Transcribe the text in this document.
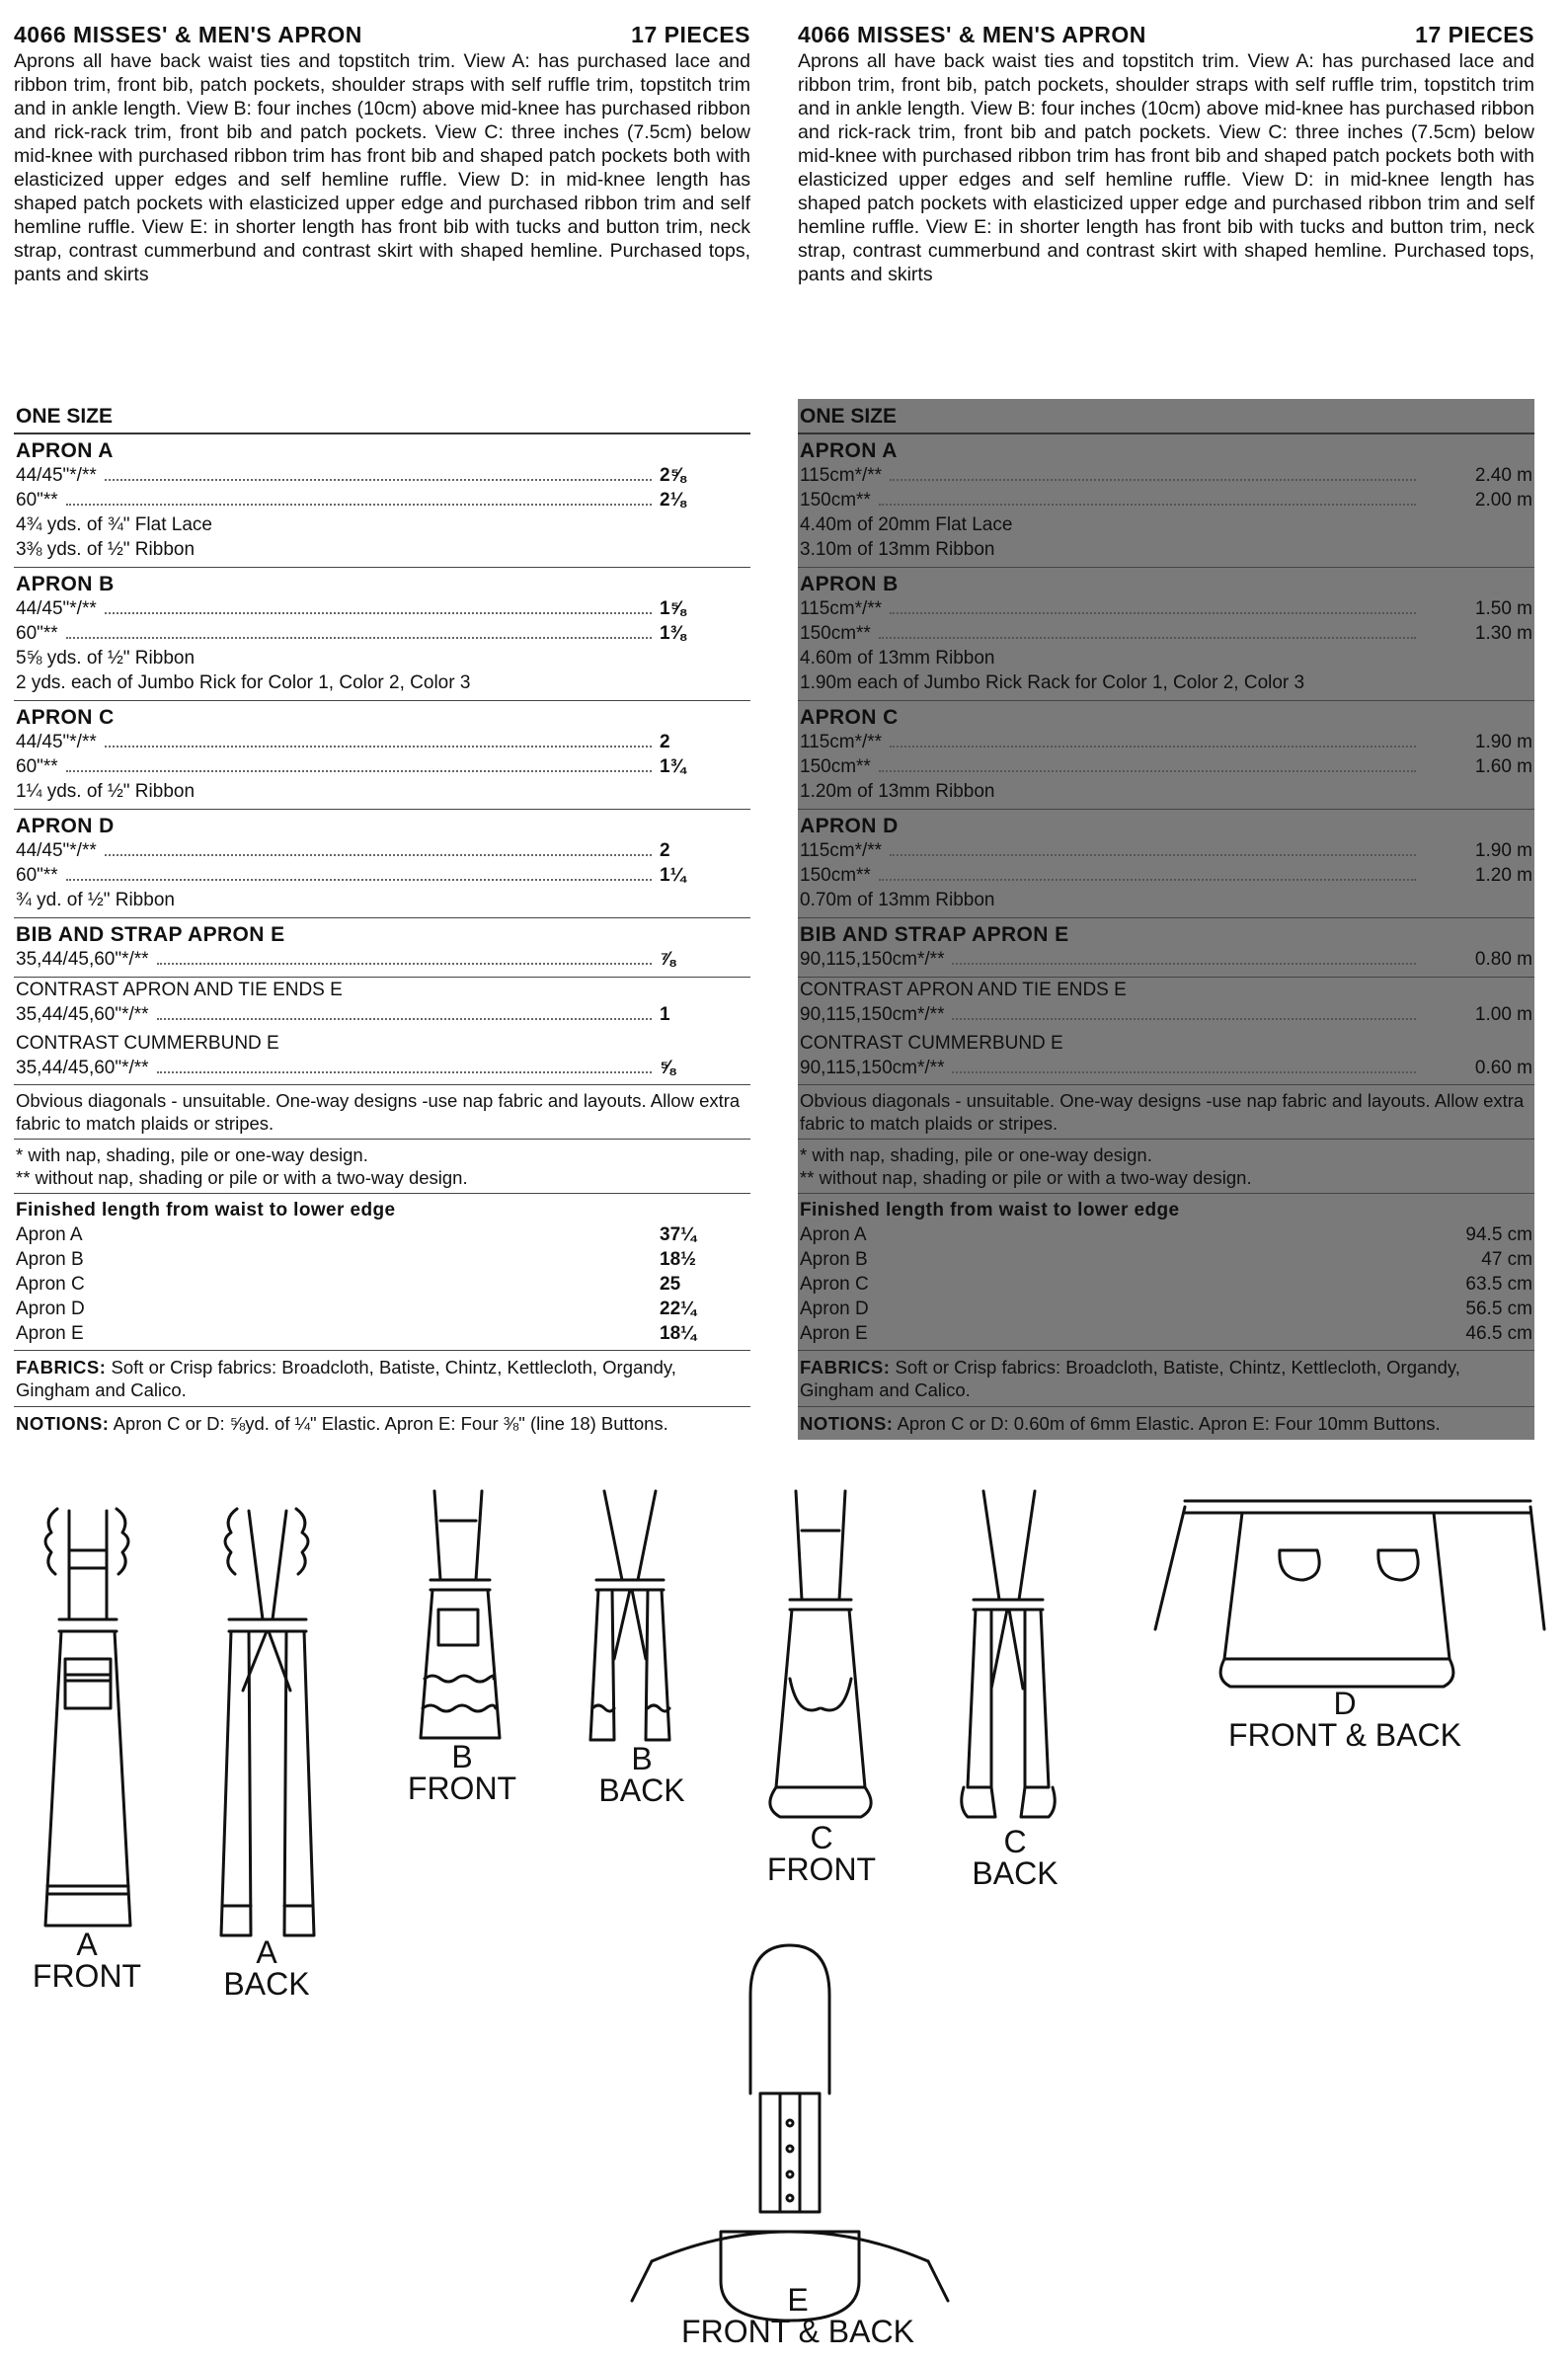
4066 MISSES' & MEN'S APRON	17 PIECES
Aprons all have back waist ties and topstitch trim. View A: has purchased lace and ribbon trim, front bib, patch pockets, shoulder straps with self ruffle trim, topstitch trim and in ankle length. View B: four inches (10cm) above mid-knee has purchased ribbon and rick-rack trim, front bib and patch pockets. View C: three inches (7.5cm) below mid-knee with purchased ribbon trim has front bib and shaped patch pockets both with elasticized upper edges and self hemline ruffle. View D: in mid-knee length has shaped patch pockets with elasticized upper edge and purchased ribbon trim and self hemline ruffle. View E: in shorter length has front bib with tucks and button trim, neck strap, contrast cummerbund and contrast skirt with shaped hemline. Purchased tops, pants and skirts
ONE SIZE
APRON A
44/45"*/**	2⅝
60"**	2⅛
4¾ yds. of ¾" Flat Lace
3⅜ yds. of ½" Ribbon
APRON B
44/45"*/**	1⅝
60"**	1⅜
5⅝ yds. of ½" Ribbon
2 yds. each of Jumbo Rick for Color 1, Color 2, Color 3
APRON C
44/45"*/**	2
60"**	1¾
1¼ yds. of ½" Ribbon
APRON D
44/45"*/**	2
60"**	1¼
¾ yd. of ½" Ribbon
BIB AND STRAP APRON E
35,44/45,60"*/**	⅞
CONTRAST APRON AND TIE ENDS E
35,44/45,60"*/**	1
CONTRAST CUMMERBUND E
35,44/45,60"*/**	⅝
Obvious diagonals - unsuitable. One-way designs -use nap fabric and layouts. Allow extra fabric to match plaids or stripes.
* with nap, shading, pile or one-way design.
** without nap, shading or pile or with a two-way design.
Finished length from waist to lower edge
Apron A	37¼
Apron B	18½
Apron C	25
Apron D	22¼
Apron E	18¼
FABRICS: Soft or Crisp fabrics: Broadcloth, Batiste, Chintz, Kettlecloth, Organdy, Gingham and Calico.
NOTIONS: Apron C or D: ⅝yd. of ¼" Elastic. Apron E: Four ⅜" (line 18) Buttons.
4066 MISSES' & MEN'S APRON	17 PIECES
Aprons all have back waist ties and topstitch trim. View A: has purchased lace and ribbon trim, front bib, patch pockets, shoulder straps with self ruffle trim, topstitch trim and in ankle length. View B: four inches (10cm) above mid-knee has purchased ribbon and rick-rack trim, front bib and patch pockets. View C: three inches (7.5cm) below mid-knee with purchased ribbon trim has front bib and shaped patch pockets both with elasticized upper edges and self hemline ruffle. View D: in mid-knee length has shaped patch pockets with elasticized upper edge and purchased ribbon trim and self hemline ruffle. View E: in shorter length has front bib with tucks and button trim, neck strap, contrast cummerbund and contrast skirt with shaped hemline. Purchased tops, pants and skirts
ONE SIZE
APRON A
115cm*/**	2.40 m
150cm**	2.00 m
4.40m of 20mm Flat Lace
3.10m of 13mm Ribbon
APRON B
115cm*/**	1.50 m
150cm**	1.30 m
4.60m of 13mm Ribbon
1.90m each of Jumbo Rick Rack for Color 1, Color 2, Color 3
APRON C
115cm*/**	1.90 m
150cm**	1.60 m
1.20m of 13mm Ribbon
APRON D
115cm*/**	1.90 m
150cm**	1.20 m
0.70m of 13mm Ribbon
BIB AND STRAP APRON E
90,115,150cm*/**	0.80 m
CONTRAST APRON AND TIE ENDS E
90,115,150cm*/**	1.00 m
CONTRAST CUMMERBUND E
90,115,150cm*/**	0.60 m
Obvious diagonals - unsuitable. One-way designs -use nap fabric and layouts. Allow extra fabric to match plaids or stripes.
* with nap, shading, pile or one-way design.
** without nap, shading or pile or with a two-way design.
Finished length from waist to lower edge
Apron A	94.5 cm
Apron B	47 cm
Apron C	63.5 cm
Apron D	56.5 cm
Apron E	46.5 cm
FABRICS: Soft or Crisp fabrics: Broadcloth, Batiste, Chintz, Kettlecloth, Organdy, Gingham and Calico.
NOTIONS: Apron C or D: 0.60m of 6mm Elastic. Apron E: Four 10mm Buttons.
A
FRONT
A
BACK
B
FRONT
B
BACK
C
FRONT
C
BACK
D
FRONT & BACK
E
FRONT & BACK
